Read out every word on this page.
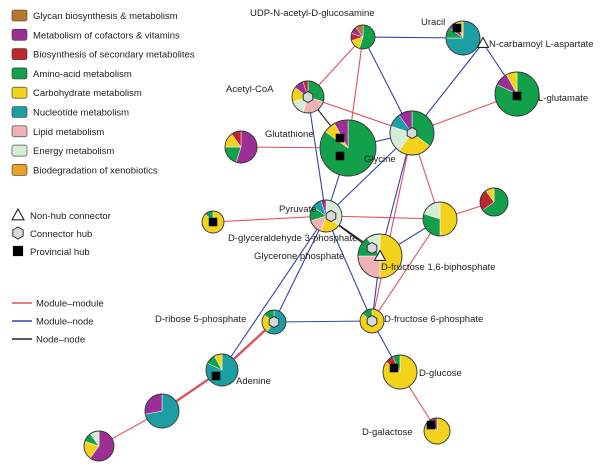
Glycan biosynthesis & metabolism
Metabolism of cofactors & vitamins
Biosynthesis of secondary metabolites
Amino-acid metabolism
Carbohydrate metabolism
Nucleotide metabolism
Lipid metabolism
Energy metabolism
Biodegradation of xenobiotics
Non-hub connector
Connector hub
Provincial hub
Module–module
Module–node
Node–node
UDP-N-acetyl-D-glucosamine
Uracil
N-carbamoyl L-aspartate
Acetyl-CoA
L-glutamate
Glutathione
Glycine
Pyruvate
D-glyceraldehyde 3-phosphate
Glycerone phosphate
D-fructose 1,6-biphosphate
D-ribose 5-phosphate	D-fructose 6-phosphate
Adenine
D-glucose
D-galactose
